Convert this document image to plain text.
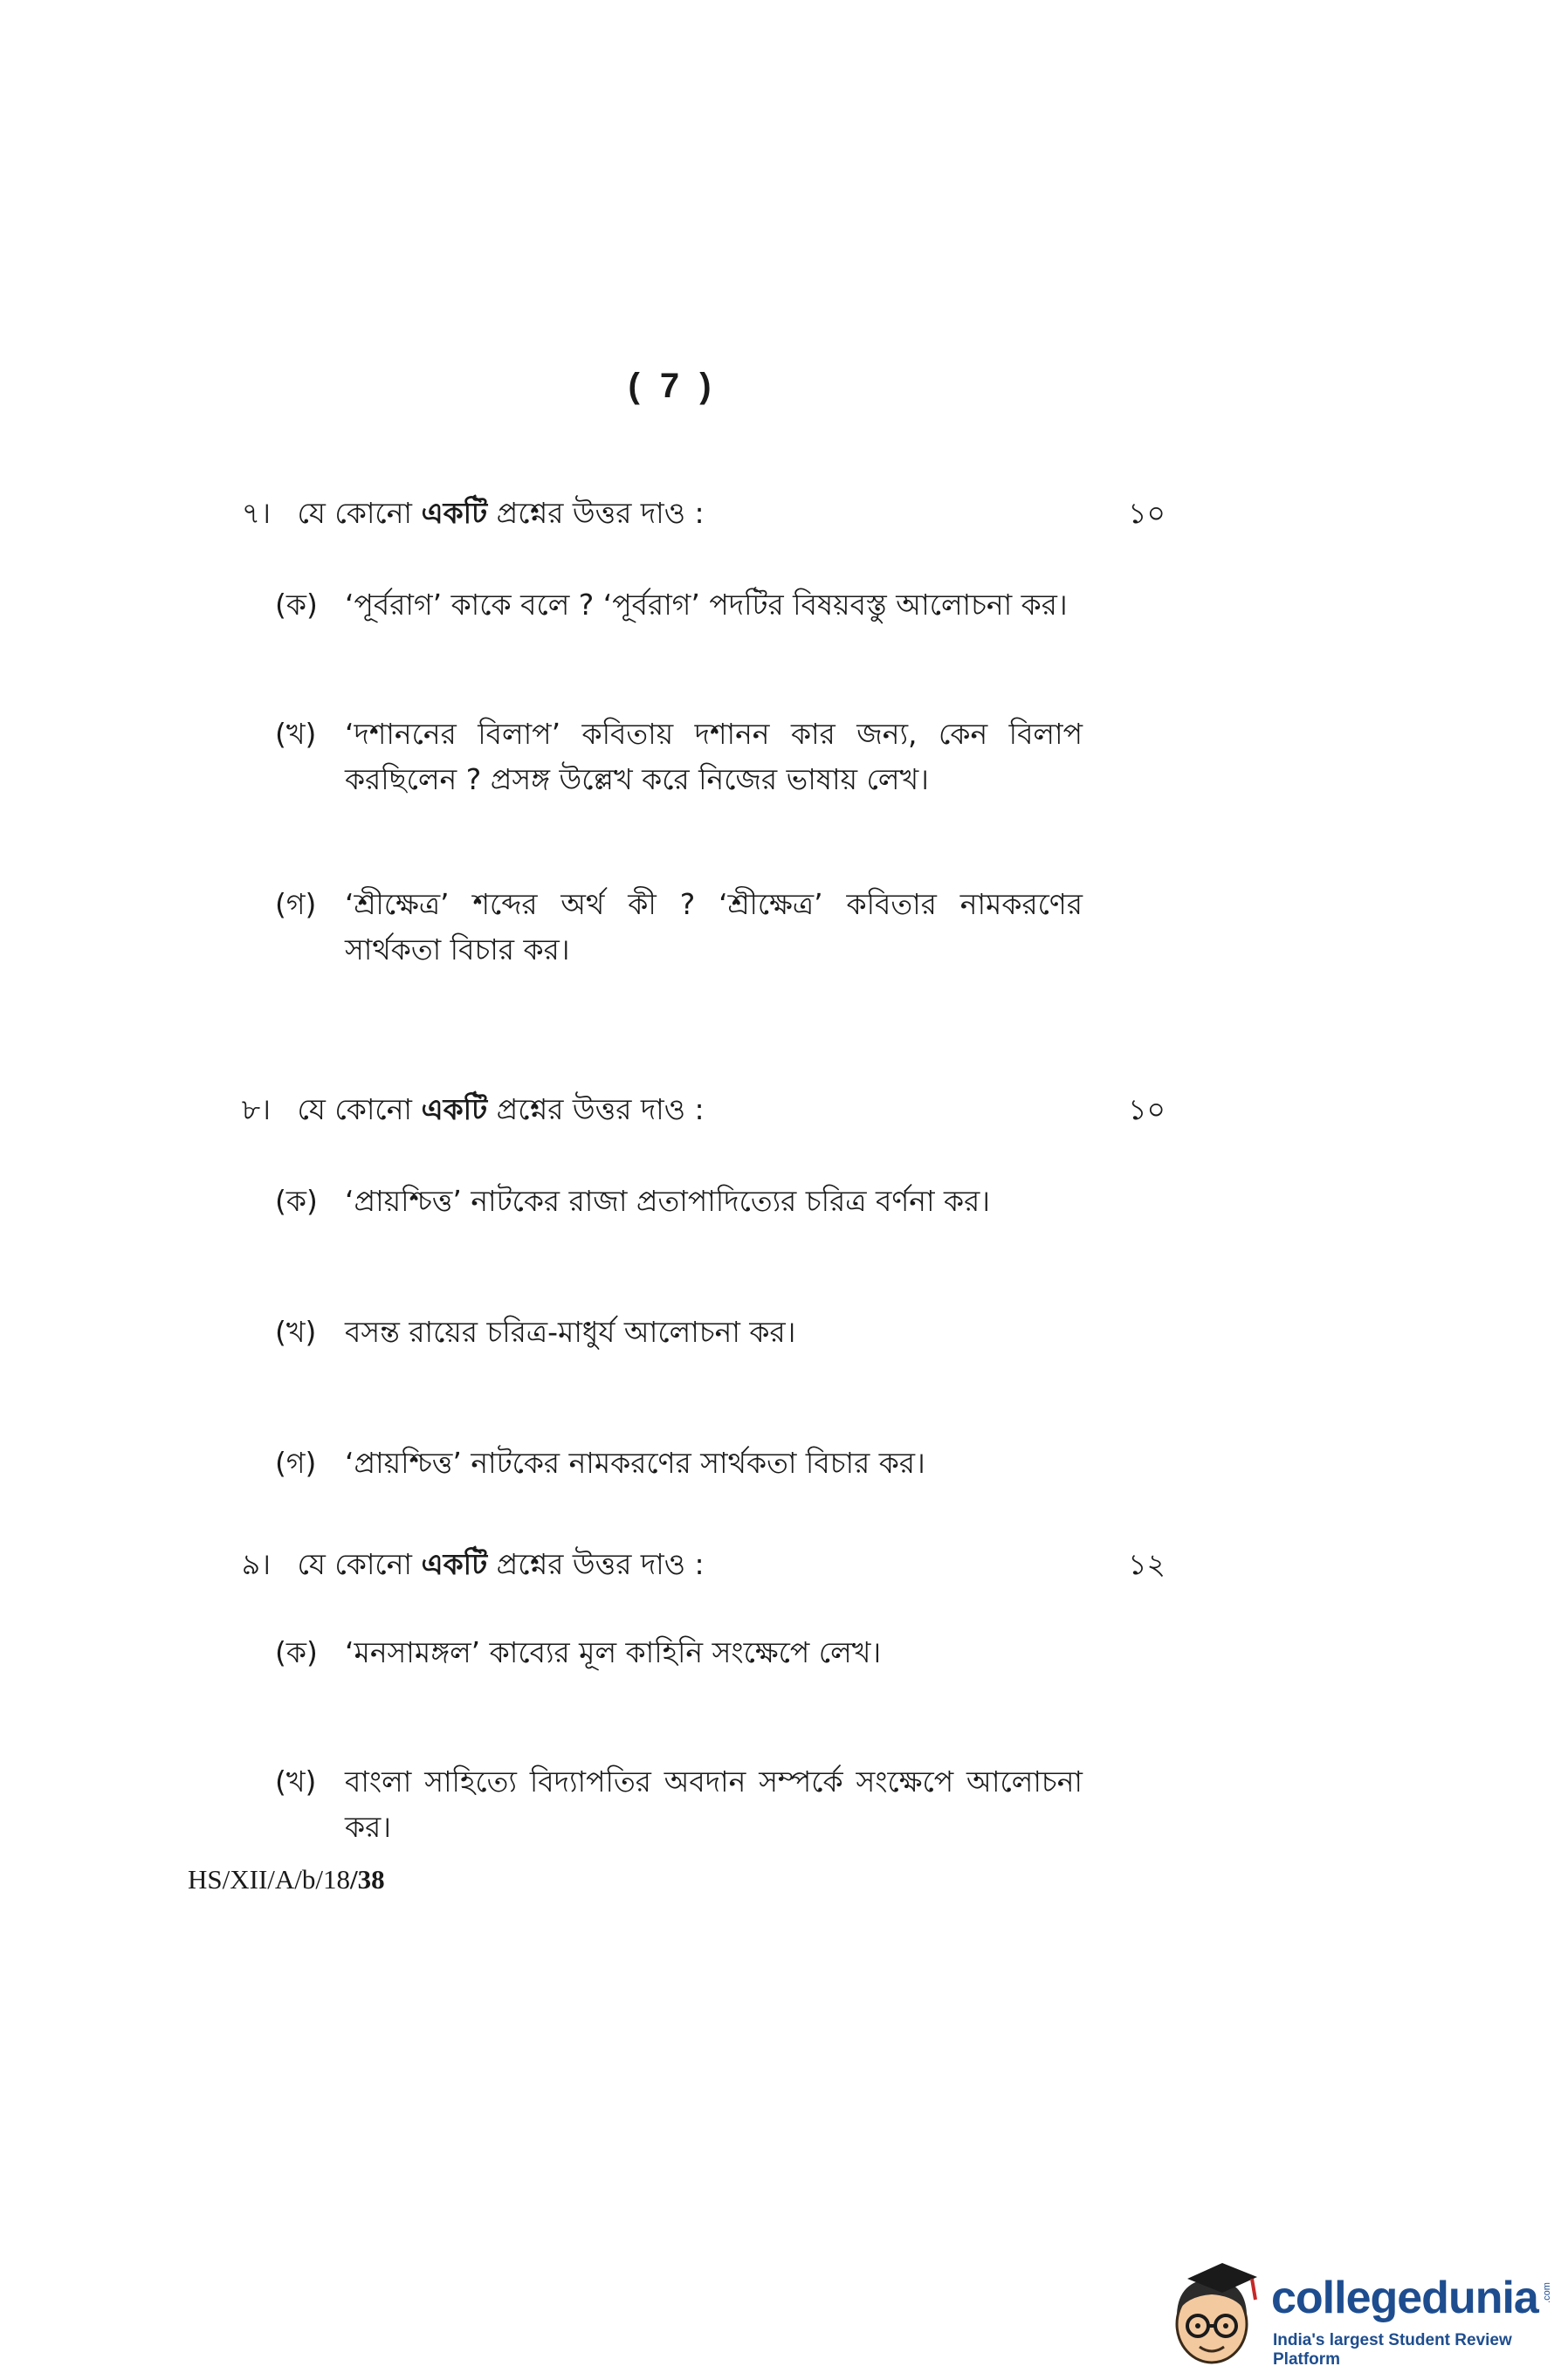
( 7 )
৭। যে কোনো একটি প্রশ্নের উত্তর দাও :	১০
(ক) ‘পূর্বরাগ’ কাকে বলে ? ‘পূর্বরাগ’ পদটির বিষয়বস্তু আলোচনা কর।
(খ) ‘দশাননের বিলাপ’ কবিতায় দশানন কার জন্য, কেন বিলাপ করছিলেন ? প্রসঙ্গ উল্লেখ করে নিজের ভাষায় লেখ।
(গ) ‘শ্রীক্ষেত্র’ শব্দের অর্থ কী ? ‘শ্রীক্ষেত্র’ কবিতার নামকরণের সার্থকতা বিচার কর।
৮। যে কোনো একটি প্রশ্নের উত্তর দাও :	১০
(ক) ‘প্রায়শ্চিত্ত’ নাটকের রাজা প্রতাপাদিত্যের চরিত্র বর্ণনা কর।
(খ) বসন্ত রায়ের চরিত্র-মাধুর্য আলোচনা কর।
(গ) ‘প্রায়শ্চিত্ত’ নাটকের নামকরণের সার্থকতা বিচার কর।
৯। যে কোনো একটি প্রশ্নের উত্তর দাও :	১২
(ক) ‘মনসামঙ্গল’ কাব্যের মূল কাহিনি সংক্ষেপে লেখ।
(খ) বাংলা সাহিত্যে বিদ্যাপতির অবদান সম্পর্কে সংক্ষেপে আলোচনা কর।
HS/XII/A/b/18/38
collegedunia .com
India's largest Student Review Platform
